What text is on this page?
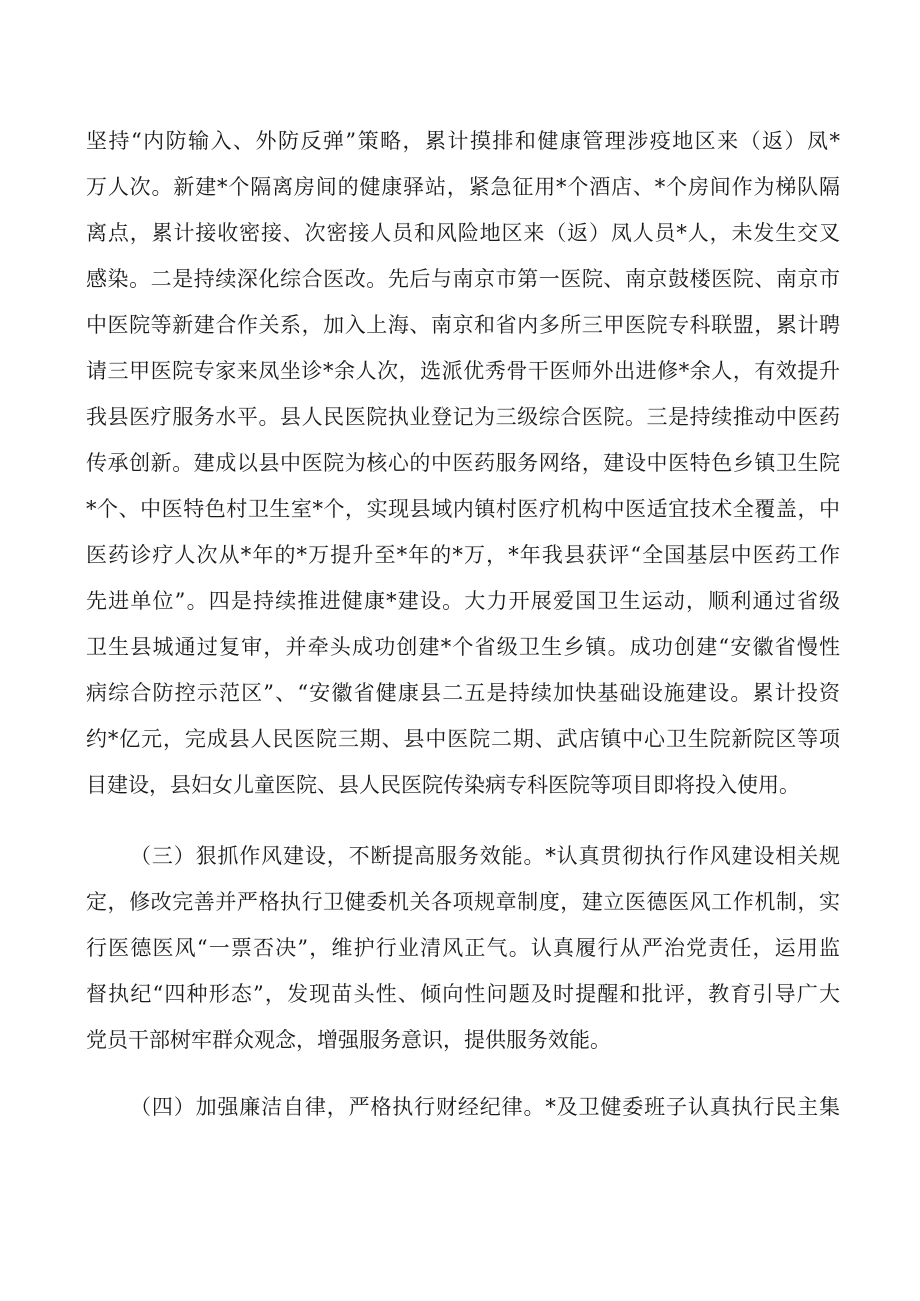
坚持“内防输入、外防反弹”策略，累计摸排和健康管理涉疫地区来（返）凤*
万人次。新建*个隔离房间的健康驿站，紧急征用*个酒店、*个房间作为梯队隔
离点，累计接收密接、次密接人员和风险地区来（返）凤人员*人，未发生交叉
感染。二是持续深化综合医改。先后与南京市第一医院、南京鼓楼医院、南京市
中医院等新建合作关系，加入上海、南京和省内多所三甲医院专科联盟，累计聘
请三甲医院专家来凤坐诊*余人次，选派优秀骨干医师外出进修*余人，有效提升
我县医疗服务水平。县人民医院执业登记为三级综合医院。三是持续推动中医药
传承创新。建成以县中医院为核心的中医药服务网络，建设中医特色乡镇卫生院
*个、中医特色村卫生室*个，实现县域内镇村医疗机构中医适宜技术全覆盖，中
医药诊疗人次从*年的*万提升至*年的*万，*年我县获评“全国基层中医药工作
先进单位”。四是持续推进健康*建设。大力开展爱国卫生运动，顺利通过省级
卫生县城通过复审，并牵头成功创建*个省级卫生乡镇。成功创建“安徽省慢性
病综合防控示范区”、“安徽省健康县二五是持续加快基础设施建设。累计投资
约*亿元，完成县人民医院三期、县中医院二期、武店镇中心卫生院新院区等项
目建设，县妇女儿童医院、县人民医院传染病专科医院等项目即将投入使用。
（三）狠抓作风建设，不断提高服务效能。*认真贯彻执行作风建设相关规
定，修改完善并严格执行卫健委机关各项规章制度，建立医德医风工作机制，实
行医德医风“一票否决”，维护行业清风正气。认真履行从严治党责任，运用监
督执纪“四种形态”，发现苗头性、倾向性问题及时提醒和批评，教育引导广大
党员干部树牢群众观念，增强服务意识，提供服务效能。
（四）加强廉洁自律，严格执行财经纪律。*及卫健委班子认真执行民主集
